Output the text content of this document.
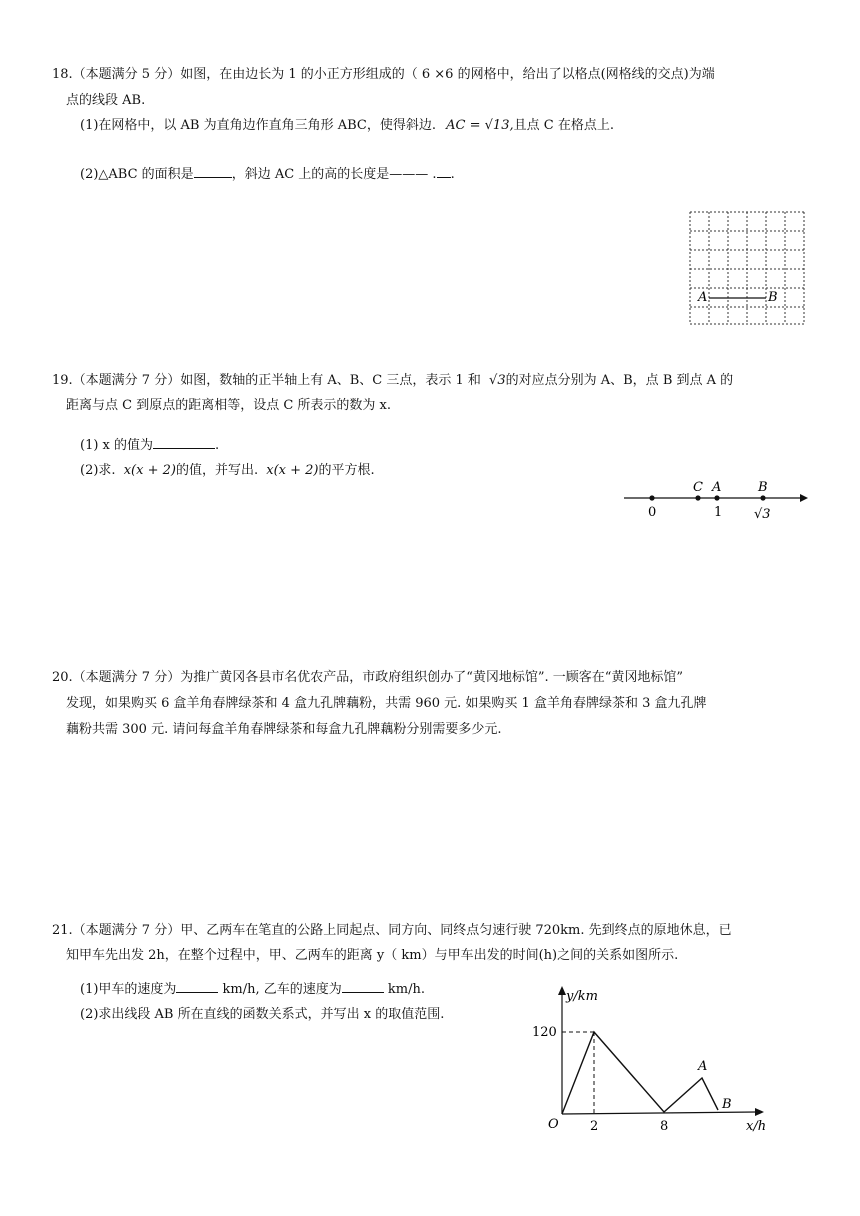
18.（本题满分 5 分）如图，在由边长为 1 的小正方形组成的（ 6 ×6 的网格中，给出了以格点(网格线的交点)为端
点的线段 AB.
(1)在网格中，以 AB 为直角边作直角三角形 ABC，使得斜边. AC = √13,且点 C 在格点上.
(2)△ABC 的面积是	，斜边 AC 上的高的长度是——— . .
A	B
19.（本题满分 7 分）如图，数轴的正半轴上有 A、B、C 三点，表示 1 和 √3的对应点分别为 A、B，点 B 到点 A 的
距离与点 C 到原点的距离相等，设点 C 所表示的数为 x.
(1) x 的值为	.
(2)求. x(x + 2)的值，并写出. x(x + 2)的平方根.
C A	B
0	1 √3
20.（本题满分 7 分）为推广黄冈各县市名优农产品，市政府组织创办了“黄冈地标馆”. 一顾客在“黄冈地标馆”
发现，如果购买 6 盒羊角春牌绿茶和 4 盒九孔牌藕粉，共需 960 元. 如果购买 1 盒羊角春牌绿茶和 3 盒九孔牌
藕粉共需 300 元. 请问每盒羊角春牌绿茶和每盒九孔牌藕粉分别需要多少元.
21.（本题满分 7 分）甲、乙两车在笔直的公路上同起点、同方向、同终点匀速行驶 720km. 先到终点的原地休息，已
知甲车先出发 2h，在整个过程中，甲、乙两车的距离 y（ km）与甲车出发的时间(h)之间的关系如图所示.
(1)甲车的速度为	km/h, 乙车的速度为	km/h.
(2)求出线段 AB 所在直线的函数关系式，并写出 x 的取值范围.
y/km
x/h
O
120
2	8
A
B
